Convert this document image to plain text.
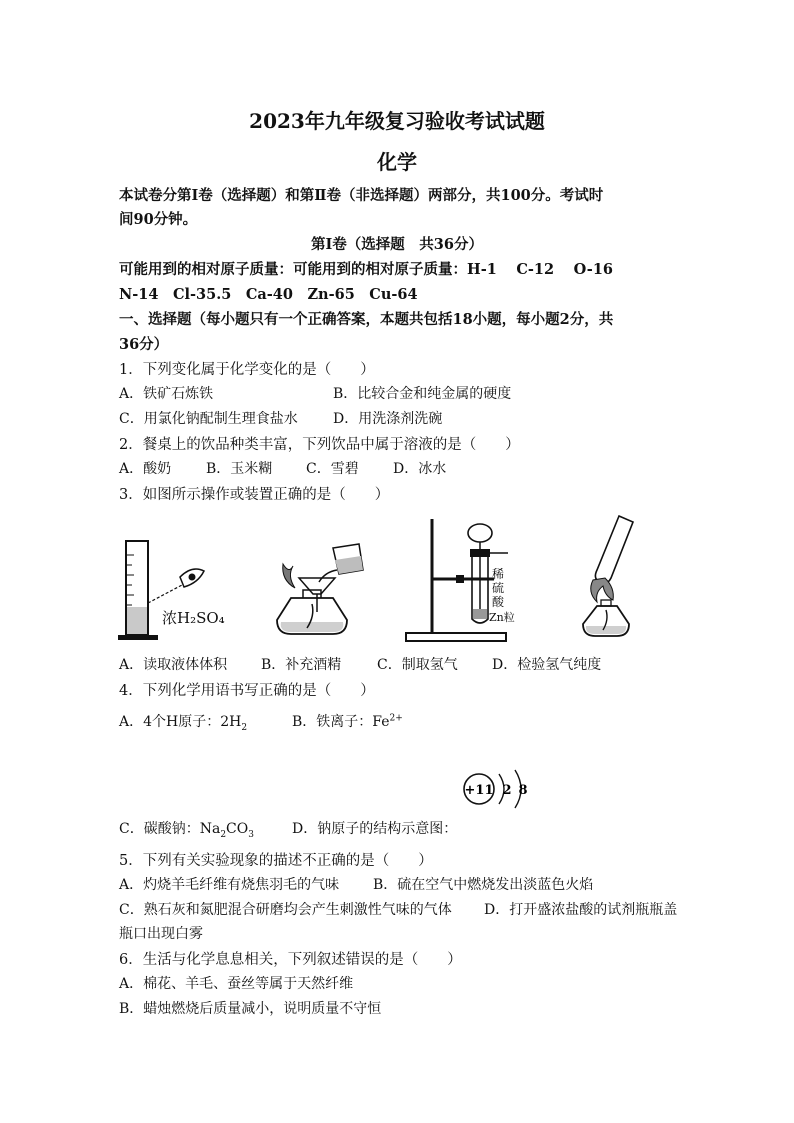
2023年九年级复习验收考试试题
化学
本试卷分第Ⅰ卷（选择题）和第Ⅱ卷（非选择题）两部分，共100分。考试时
间90分钟。
第Ⅰ卷（选择题　共36分）
可能用到的相对原子质量：可能用到的相对原子质量：H-1　 C-12　 O-16
N-14　Cl-35.5　Ca-40　Zn-65　Cu-64
一、选择题（每小题只有一个正确答案，本题共包括18小题，每小题2分，共
36分）
1．下列变化属于化学变化的是（　　）
A．铁矿石炼铁	B．比较合金和纯金属的硬度
C．用氯化钠配制生理食盐水	D．用洗涤剂洗碗
2．餐桌上的饮品种类丰富，下列饮品中属于溶液的是（　　）
A．酸奶 B．玉米糊 C．雪碧 D．冰水
3．如图所示操作或装置正确的是（　　）
浓H₂SO₄
稀
硫
酸
Zn粒
A．读取液体体积 B．补充酒精	C．制取氢气 D．检验氢气纯度
4．下列化学用语书写正确的是（　　）
A．4个H原子：$2H_2$	B．铁离子：$Fe^{2+}$
+11 2 8
C．碳酸钠：$Na_2CO_3$	D．钠原子的结构示意图：
5．下列有关实验现象的描述不正确的是（　　）
A．灼烧羊毛纤维有烧焦羽毛的气味 B．硫在空气中燃烧发出淡蓝色火焰
C．熟石灰和氮肥混合研磨均会产生刺激性气味的气体 D．打开盛浓盐酸的试剂瓶瓶盖
瓶口出现白雾
6．生活与化学息息相关，下列叙述错误的是（　　）
A．棉花、羊毛、蚕丝等属于天然纤维
B．蜡烛燃烧后质量减小，说明质量不守恒
